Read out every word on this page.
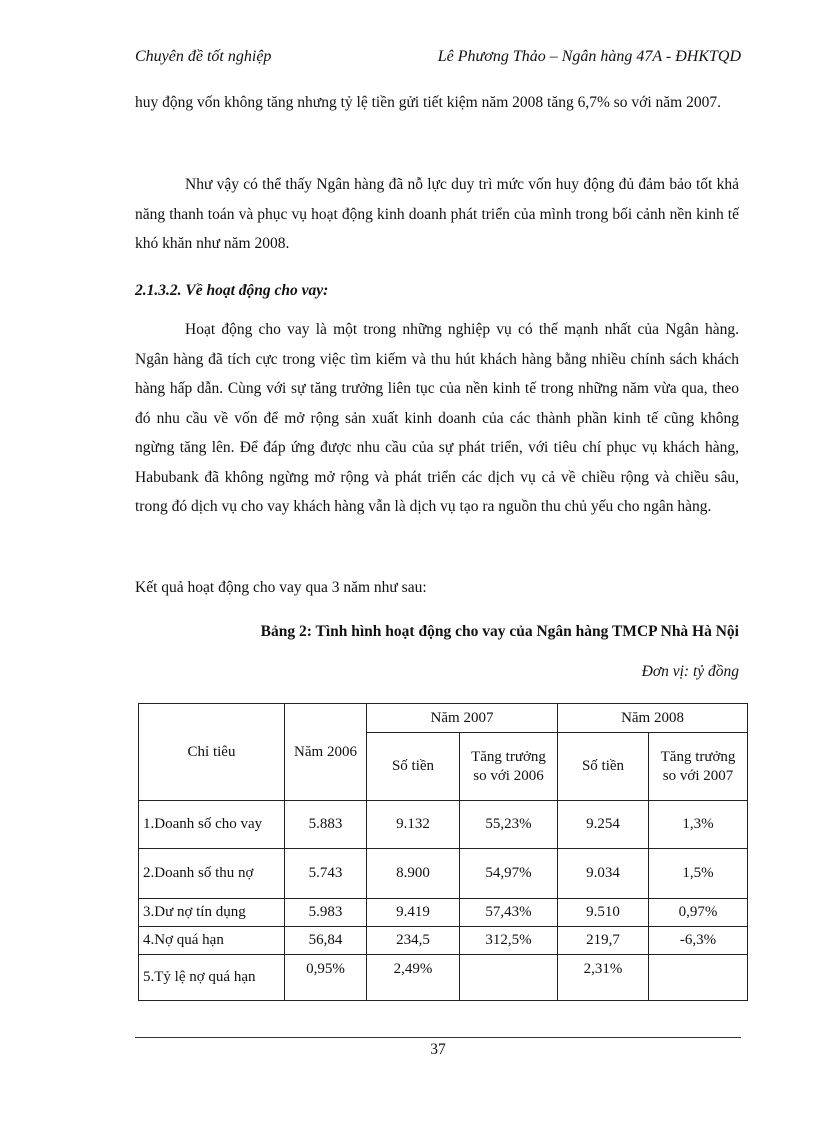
Chuyên đề tốt nghiệp	Lê Phương Thảo – Ngân hàng 47A - ĐHKTQD
huy động vốn không tăng nhưng tỷ lệ tiền gửi tiết kiệm năm 2008 tăng 6,7% so với năm 2007.
Như vậy có thể thấy Ngân hàng đã nỗ lực duy trì mức vốn huy động đủ đảm bảo tốt khả năng thanh toán và phục vụ hoạt động kinh doanh phát triển của mình trong bối cảnh nền kinh tế khó khăn như năm 2008.
2.1.3.2. Về hoạt động cho vay:
Hoạt động cho vay là một trong những nghiệp vụ có thế mạnh nhất của Ngân hàng. Ngân hàng đã tích cực trong việc tìm kiếm và thu hút khách hàng bằng nhiều chính sách khách hàng hấp dẫn. Cùng với sự tăng trưởng liên tục của nền kinh tế trong những năm vừa qua, theo đó nhu cầu về vốn để mở rộng sản xuất kinh doanh của các thành phần kinh tế cũng không ngừng tăng lên. Để đáp ứng được nhu cầu của sự phát triển, với tiêu chí phục vụ khách hàng, Habubank đã không ngừng mở rộng và phát triển các dịch vụ cả về chiều rộng và chiều sâu, trong đó dịch vụ cho vay khách hàng vẫn là dịch vụ tạo ra nguồn thu chủ yếu cho ngân hàng.
Kết quả hoạt động cho vay qua 3 năm như sau:
Bảng 2: Tình hình hoạt động cho vay của Ngân hàng TMCP Nhà Hà Nội
Đơn vị: tỷ đồng
Chỉ tiêu	Năm 2006	Năm 2007		Năm 2008	
		Số tiền	Tăng trưởng so với 2006	Số tiền	Tăng trưởng so với 2007
1.Doanh số cho vay	5.883	9.132	55,23%	9.254	1,3%
2.Doanh số thu nợ	5.743	8.900	54,97%	9.034	1,5%
3.Dư nợ tín dụng	5.983	9.419	57,43%	9.510	0,97%
4.Nợ quá hạn	56,84	234,5	312,5%	219,7	-6,3%
5.Tỷ lệ nợ quá hạn	0,95%	2,49%		2,31%	
37
